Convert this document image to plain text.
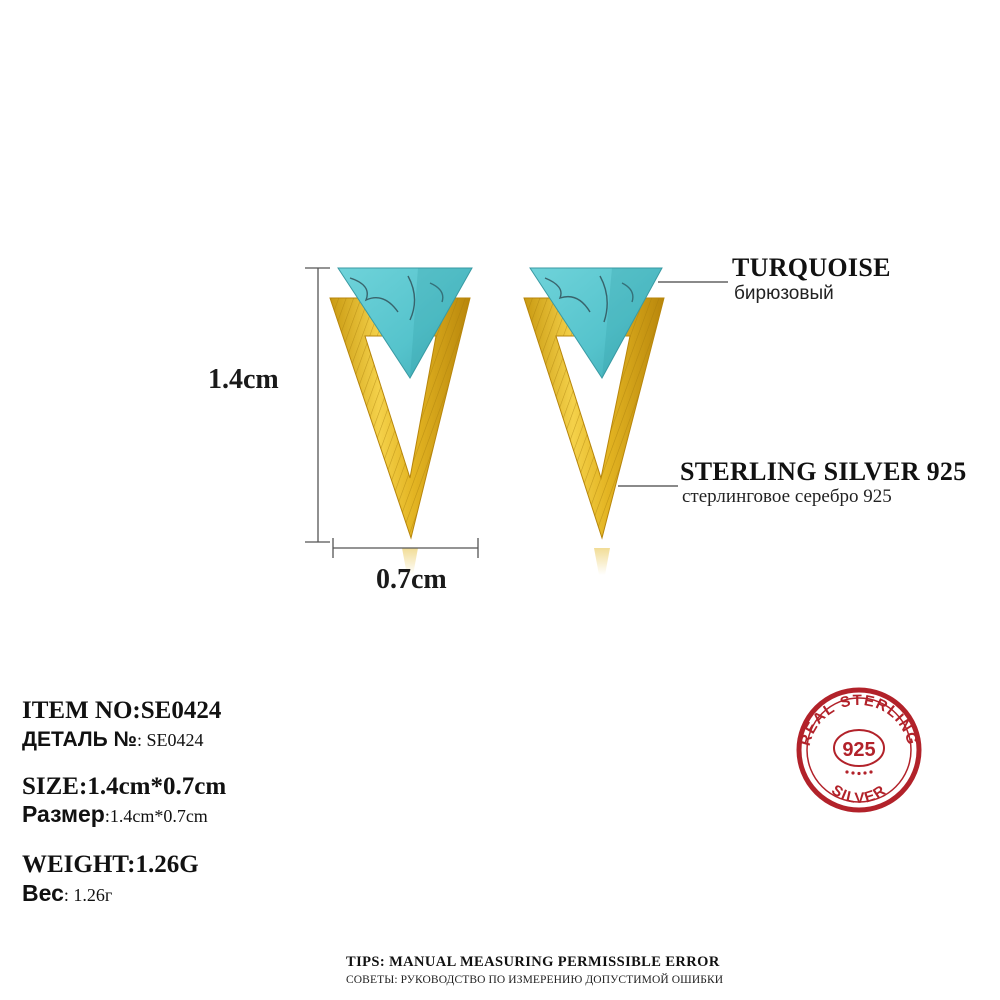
REAL STERLING
SILVER
925
1.4cm
0.7cm
TURQUOISE
бирюзовый
STERLING SILVER 925
стерлинговое серебро 925
ITEM NO:SE0424
ДЕТАЛЬ №: SE0424
SIZE:1.4cm*0.7cm
Размер:1.4cm*0.7cm
WEIGHT:1.26G
Вес: 1.26г
TIPS: MANUAL MEASURING PERMISSIBLE ERROR
СОВЕТЫ: РУКОВОДСТВО ПО ИЗМЕРЕНИЮ ДОПУСТИМОЙ ОШИБКИ
